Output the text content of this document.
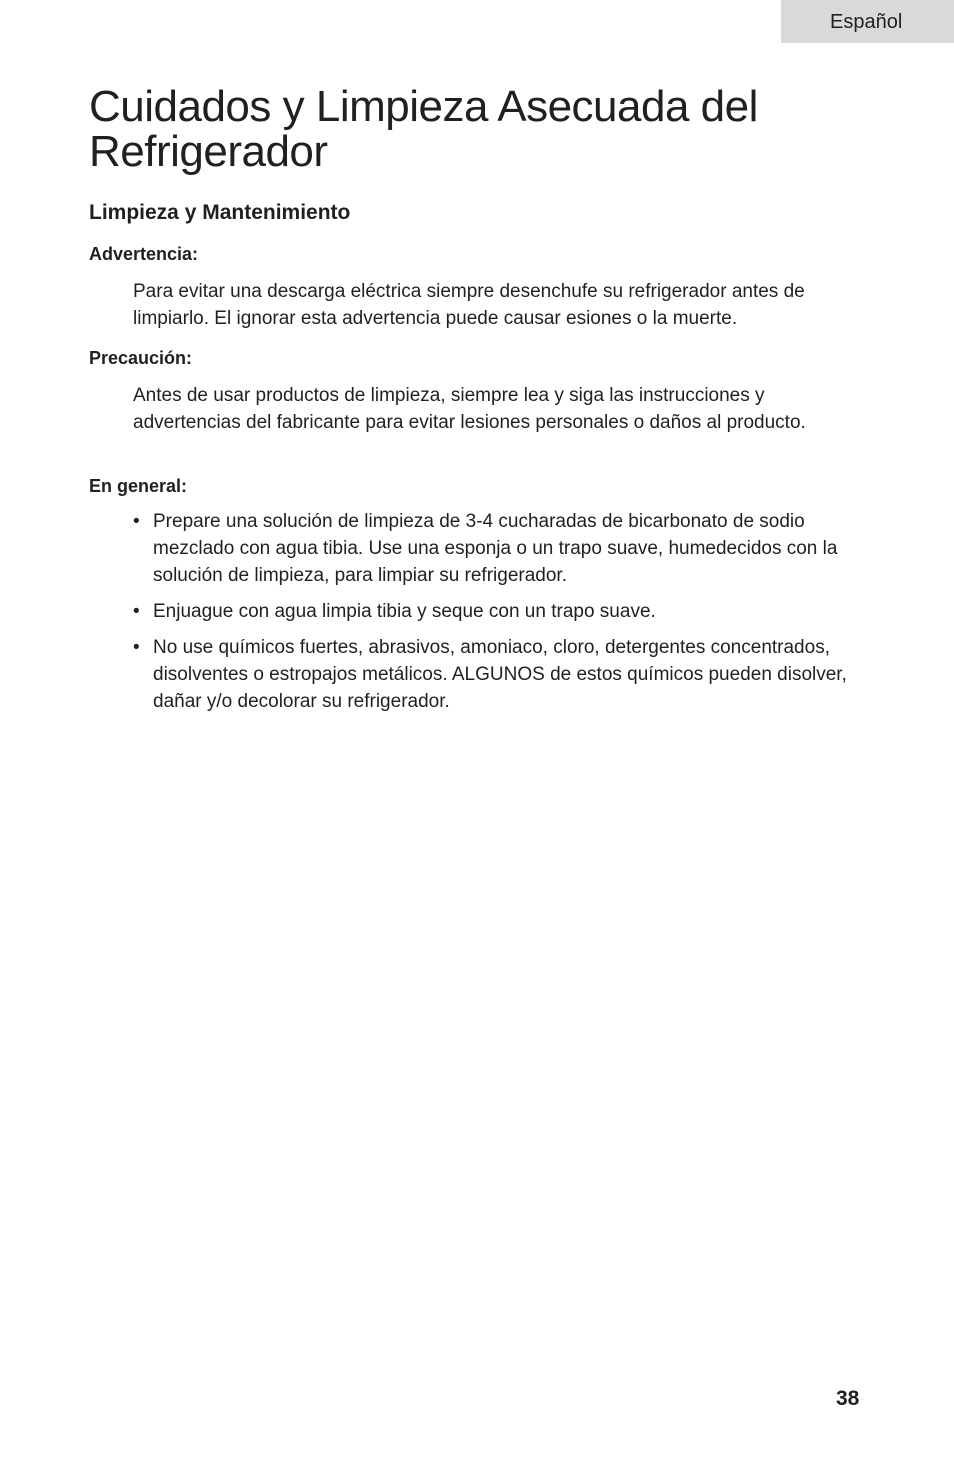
Español
Cuidados y Limpieza Asecuada del Refrigerador
Limpieza y Mantenimiento
Advertencia:

Para evitar una descarga eléctrica siempre desenchufe su refrigerador antes de limpiarlo. El ignorar esta advertencia puede causar esiones o la muerte.

Precaución:

Antes de usar productos de limpieza, siempre lea y siga las instrucciones y advertencias del fabricante para evitar lesiones personales o daños al producto.

En general:
• Prepare una solución de limpieza de 3-4 cucharadas de bicarbonato de sodio mezclado con agua tibia. Use una esponja o un trapo suave, humedecidos con la solución de limpieza, para limpiar su refrigerador.
• Enjuague con agua limpia tibia y seque con un trapo suave.
• No use químicos fuertes, abrasivos, amoniaco, cloro, detergentes concentrados, disolventes o estropajos metálicos. ALGUNOS de estos químicos pueden disolver, dañar y/o decolorar su refrigerador.
38
